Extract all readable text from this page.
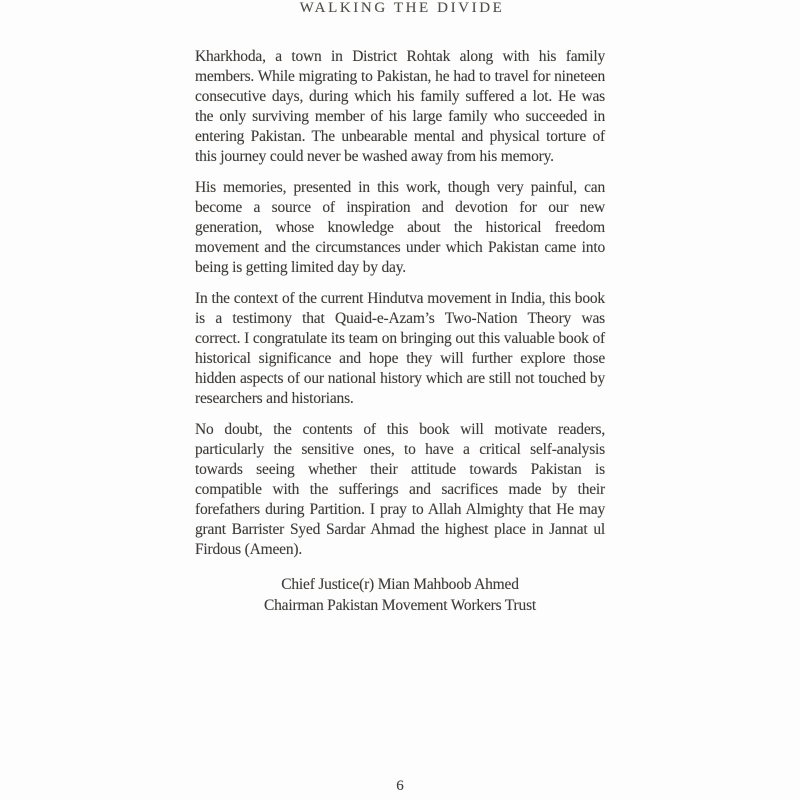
WALKING THE DIVIDE

Kharkhoda, a town in District Rohtak along with his family members. While migrating to Pakistan, he had to travel for nineteen consecutive days, during which his family suffered a lot. He was the only surviving member of his large family who succeeded in entering Pakistan. The unbearable mental and physical torture of this journey could never be washed away from his memory.

His memories, presented in this work, though very painful, can become a source of inspiration and devotion for our new generation, whose knowledge about the historical freedom movement and the circumstances under which Pakistan came into being is getting limited day by day.

In the context of the current Hindutva movement in India, this book is a testimony that Quaid-e-Azam’s Two-Nation Theory was correct. I congratulate its team on bringing out this valuable book of historical significance and hope they will further explore those hidden aspects of our national history which are still not touched by researchers and historians.

No doubt, the contents of this book will motivate readers, particularly the sensitive ones, to have a critical self-analysis towards seeing whether their attitude towards Pakistan is compatible with the sufferings and sacrifices made by their forefathers during Partition. I pray to Allah Almighty that He may grant Barrister Syed Sardar Ahmad the highest place in Jannat ul Firdous (Ameen).

Chief Justice(r) Mian Mahboob Ahmed
Chairman Pakistan Movement Workers Trust
6
